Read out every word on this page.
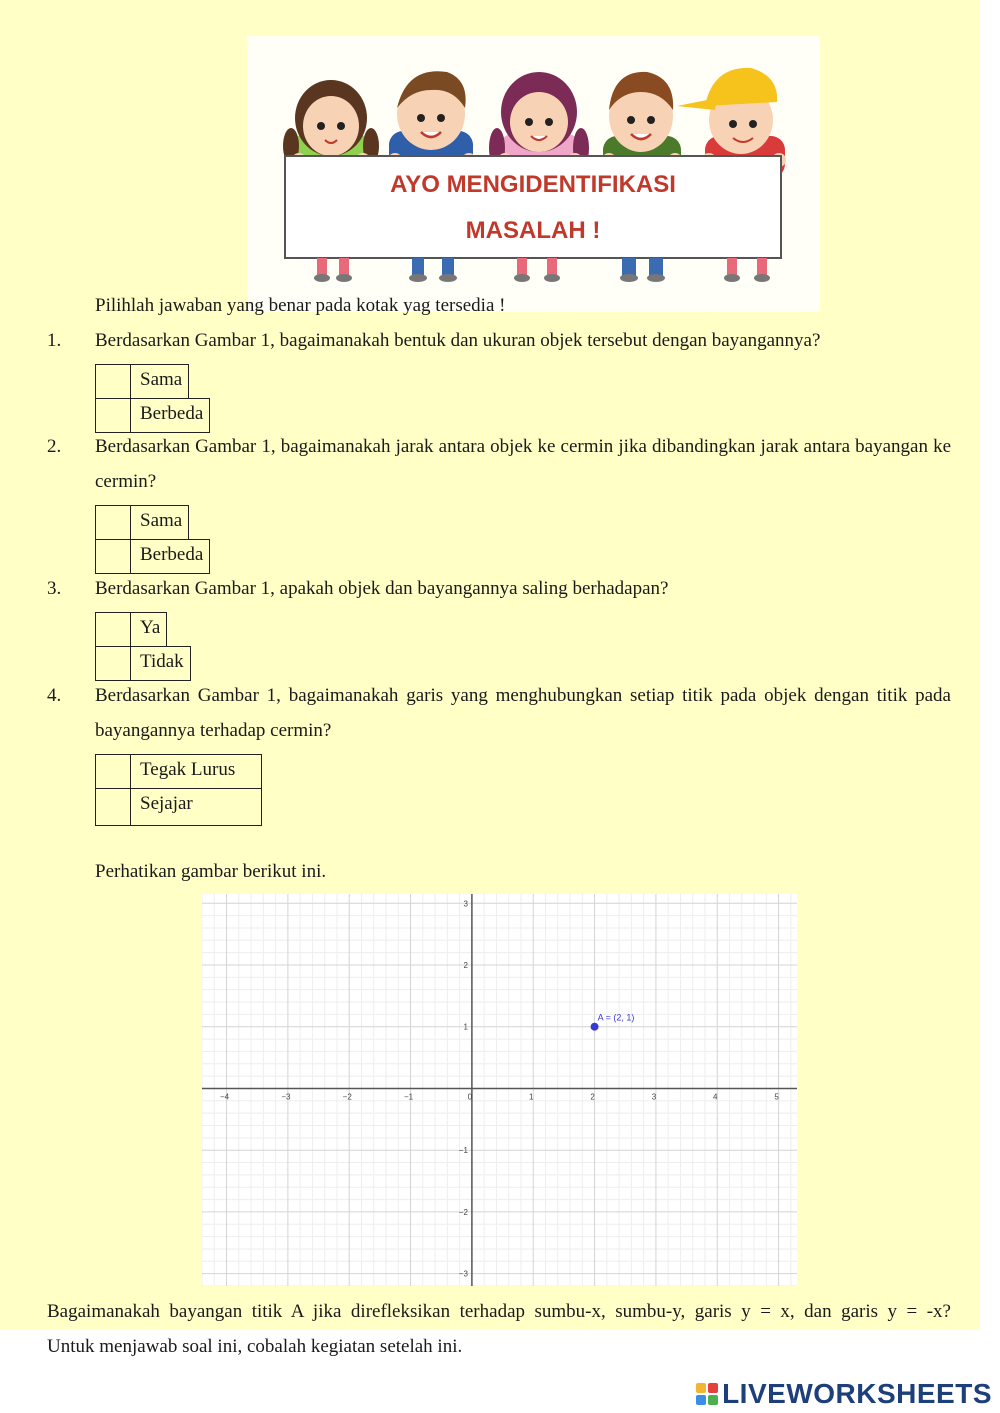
AYO MENGIDENTIFIKASI
MASALAH !
Pilihlah jawaban yang benar pada kotak yag tersedia !
1. Berdasarkan Gambar 1, bagaimanakah bentuk dan ukuran objek tersebut dengan bayangannya?
Sama
Berbeda
2. Berdasarkan Gambar 1, bagaimanakah jarak antara objek ke cermin jika dibandingkan jarak antara bayangan ke cermin?
Sama
Berbeda
3. Berdasarkan Gambar 1, apakah objek dan bayangannya saling berhadapan?
Ya
Tidak
4. Berdasarkan Gambar 1, bagaimanakah garis yang menghubungkan setiap titik pada objek dengan titik pada bayangannya terhadap cermin?
Tegak Lurus
Sejajar
Perhatikan gambar berikut ini.
−4	−3	−2	−1	0	1	2	3	4	5
3
2
1
−1
−2
−3
A = (2, 1)
Bagaimanakah bayangan titik A jika direfleksikan terhadap sumbu-x, sumbu-y, garis y = x, dan garis y = -x?
Untuk menjawab soal ini, cobalah kegiatan setelah ini.
LIVEWORKSHEETS
